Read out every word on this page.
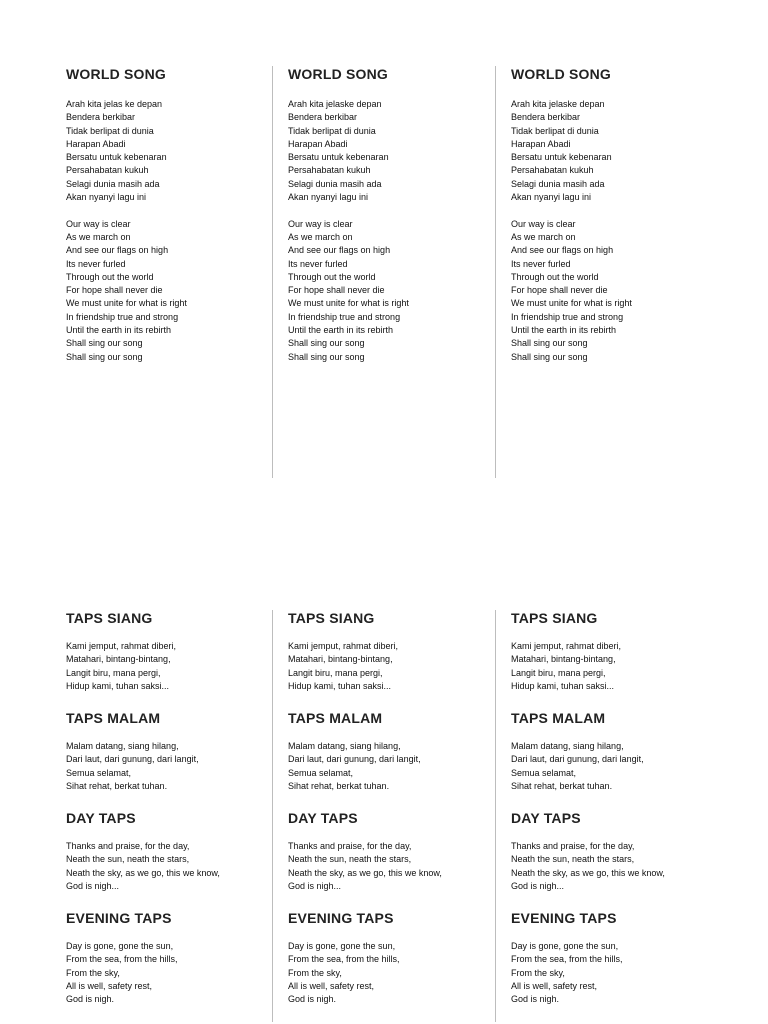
WORLD SONG
Arah kita jelas ke depan
Bendera berkibar
Tidak berlipat di dunia
Harapan Abadi
Bersatu untuk kebenaran
Persahabatan kukuh
Selagi dunia masih ada
Akan nyanyi lagu ini
Our way is clear
As we march on
And see our flags on high
Its never furled
Through out the world
For hope shall never die
We must unite for what is right
In friendship true and strong
Until the earth in its rebirth
Shall sing our song
Shall sing our song
WORLD SONG
Arah kita jelaske depan
Bendera berkibar
Tidak berlipat di dunia
Harapan Abadi
Bersatu untuk kebenaran
Persahabatan kukuh
Selagi dunia masih ada
Akan nyanyi lagu ini
Our way is clear
As we march on
And see our flags on high
Its never furled
Through out the world
For hope shall never die
We must unite for what is right
In friendship true and strong
Until the earth in its rebirth
Shall sing our song
Shall sing our song
WORLD SONG
Arah kita jelaske depan
Bendera berkibar
Tidak berlipat di dunia
Harapan Abadi
Bersatu untuk kebenaran
Persahabatan kukuh
Selagi dunia masih ada
Akan nyanyi lagu ini
Our way is clear
As we march on
And see our flags on high
Its never furled
Through out the world
For hope shall never die
We must unite for what is right
In friendship true and strong
Until the earth in its rebirth
Shall sing our song
Shall sing our song
TAPS SIANG
Kami jemput, rahmat diberi,
Matahari, bintang-bintang,
Langit biru, mana pergi,
Hidup kami, tuhan saksi...
TAPS MALAM
Malam datang, siang hilang,
Dari laut, dari gunung, dari langit,
Semua selamat,
Sihat rehat, berkat tuhan.
DAY TAPS
Thanks and praise, for the day,
Neath the sun, neath the stars,
Neath the sky, as we go, this we know,
God is nigh...
EVENING TAPS
Day is gone, gone the sun,
From the sea, from the hills,
From the sky,
All is well, safety rest,
God is nigh.
TAPS SIANG
Kami jemput, rahmat diberi,
Matahari, bintang-bintang,
Langit biru, mana pergi,
Hidup kami, tuhan saksi...
TAPS MALAM
Malam datang, siang hilang,
Dari laut, dari gunung, dari langit,
Semua selamat,
Sihat rehat, berkat tuhan.
DAY TAPS
Thanks and praise, for the day,
Neath the sun, neath the stars,
Neath the sky, as we go, this we know,
God is nigh...
EVENING TAPS
Day is gone, gone the sun,
From the sea, from the hills,
From the sky,
All is well, safety rest,
God is nigh.
TAPS SIANG
Kami jemput, rahmat diberi,
Matahari, bintang-bintang,
Langit biru, mana pergi,
Hidup kami, tuhan saksi...
TAPS MALAM
Malam datang, siang hilang,
Dari laut, dari gunung, dari langit,
Semua selamat,
Sihat rehat, berkat tuhan.
DAY TAPS
Thanks and praise, for the day,
Neath the sun, neath the stars,
Neath the sky, as we go, this we know,
God is nigh...
EVENING TAPS
Day is gone, gone the sun,
From the sea, from the hills,
From the sky,
All is well, safety rest,
God is nigh.
